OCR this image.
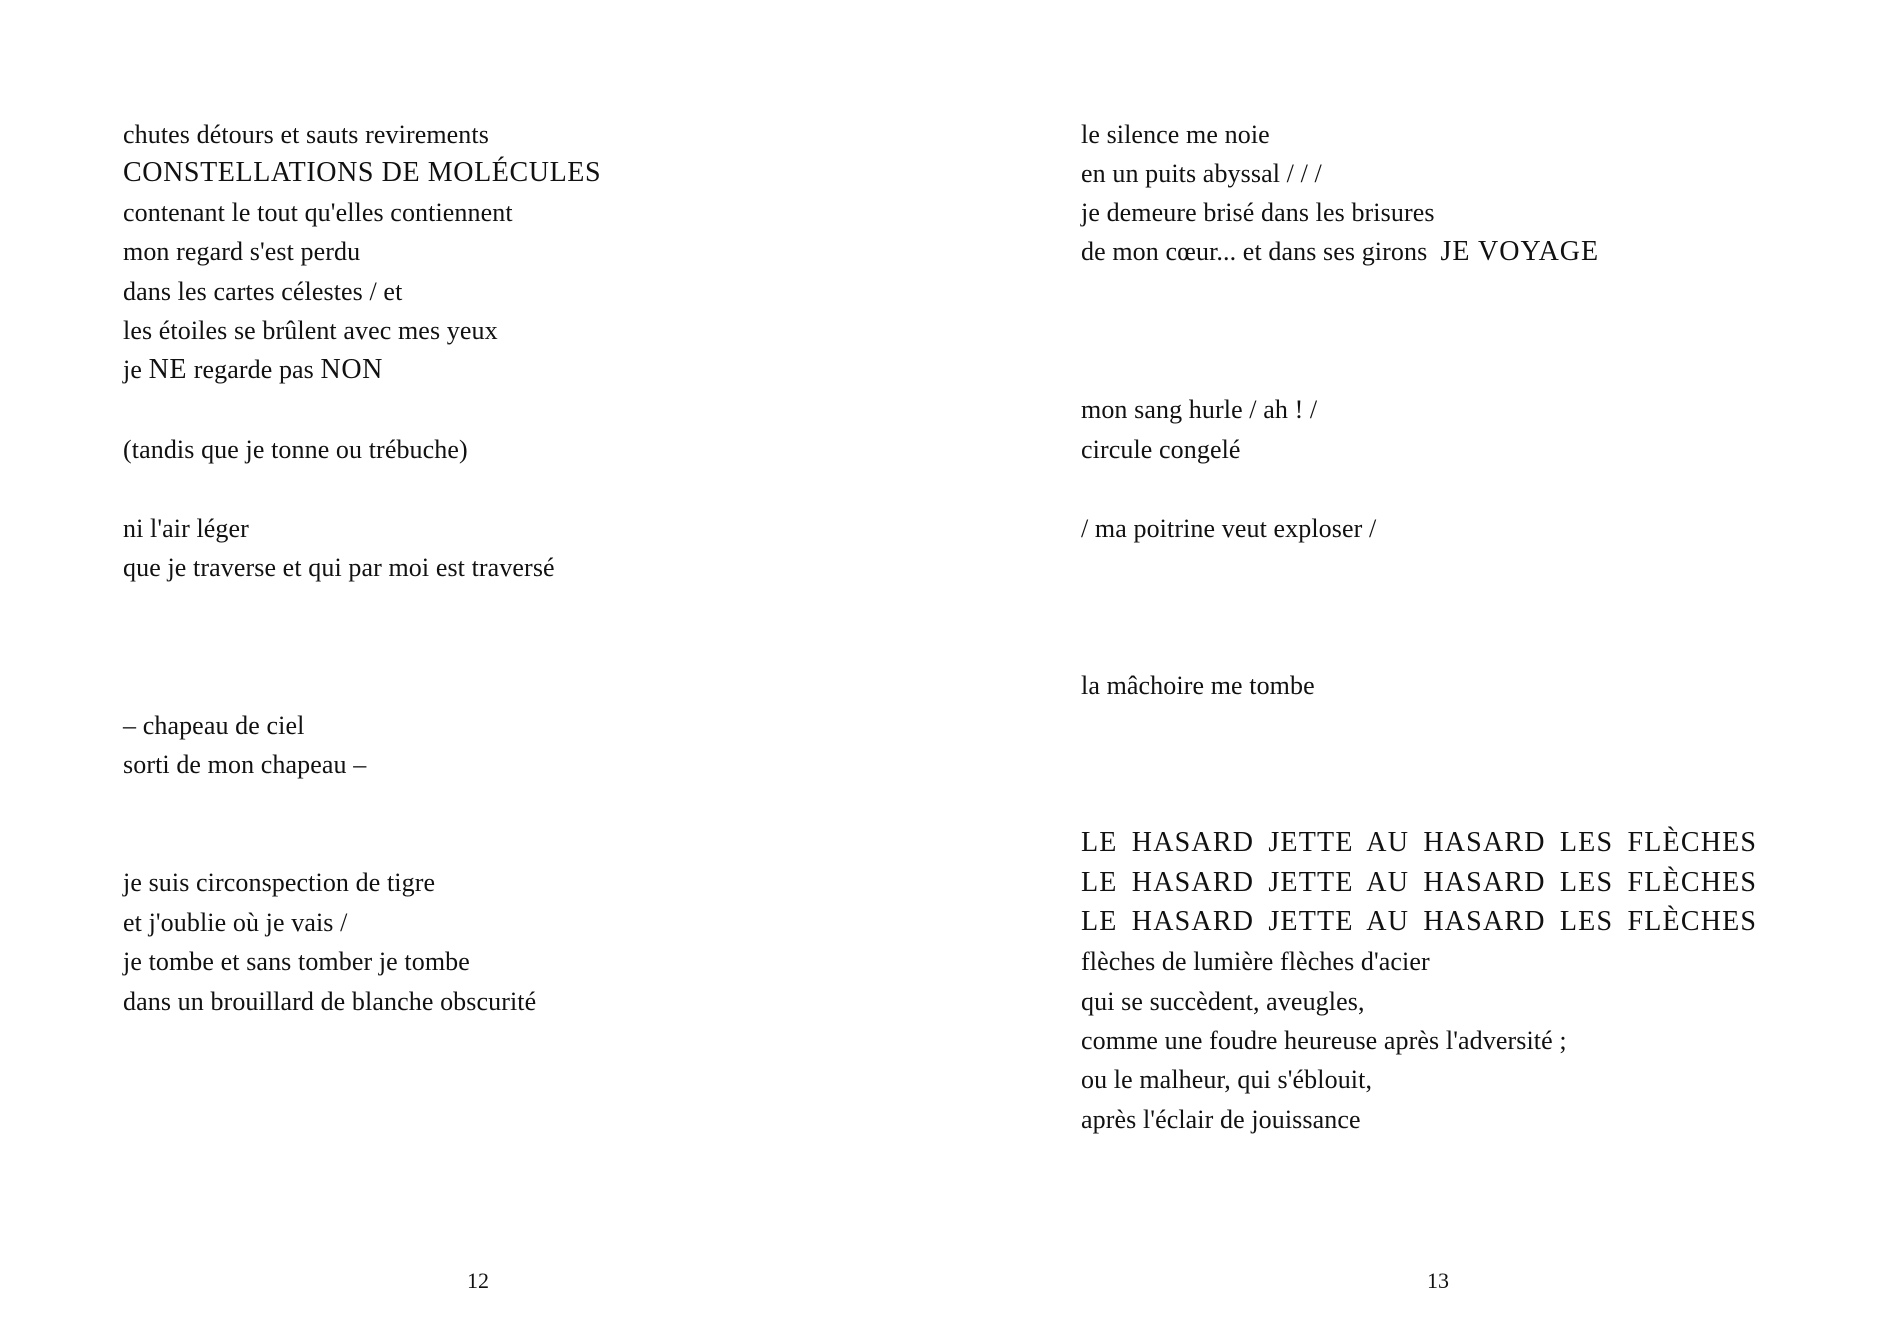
chutes détours et sauts revirements
CONSTELLATIONS DE MOLÉCULES
contenant le tout qu'elles contiennent
mon regard s'est perdu
dans les cartes célestes / et
les étoiles se brûlent avec mes yeux
je NE regarde pas NON
(tandis que je tonne ou trébuche)
ni l'air léger
que je traverse et qui par moi est traversé
– chapeau de ciel
sorti de mon chapeau –
je suis circonspection de tigre
et j'oublie où je vais /
je tombe et sans tomber je tombe
dans un brouillard de blanche obscurité
12
le silence me noie
en un puits abyssal / / /
je demeure brisé dans les brisures
de mon cœur... et dans ses girons JE VOYAGE
mon sang hurle / ah ! /
circule congelé
/ ma poitrine veut exploser /
la mâchoire me tombe
LE HASARD JETTE AU HASARD LES FLÈCHES
LE HASARD JETTE AU HASARD LES FLÈCHES
LE HASARD JETTE AU HASARD LES FLÈCHES
flèches de lumière flèches d'acier
qui se succèdent, aveugles,
comme une foudre heureuse après l'adversité ;
ou le malheur, qui s'éblouit,
après l'éclair de jouissance
13
